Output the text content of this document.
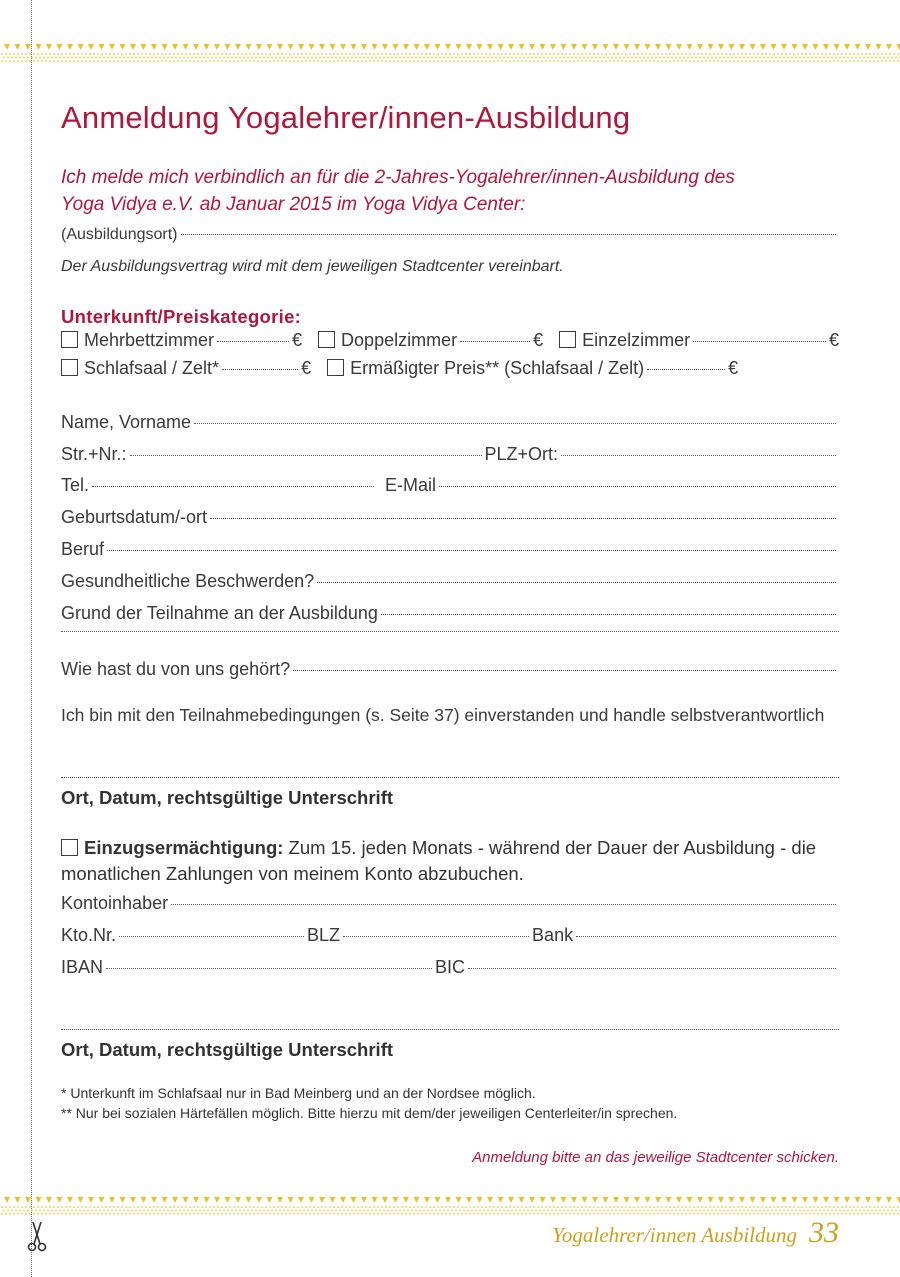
Anmeldung Yogalehrer/innen-Ausbildung

Ich melde mich verbindlich an für die 2-Jahres-Yogalehrer/innen-Ausbildung des
Yoga Vidya e.V. ab Januar 2015 im Yoga Vidya Center:

(Ausbildungsort)
Der Ausbildungsvertrag wird mit dem jeweiligen Stadtcenter vereinbart.
Unterkunft/Preiskategorie:
Mehrbettzimmer	€	Doppelzimmer	€	Einzelzimmer	€
Schlafsaal / Zelt*	€	Ermäßigter Preis** (Schlafsaal / Zelt)	€
Name, Vorname
Str.+Nr.:	PLZ+Ort:
Tel.	E-Mail
Geburtsdatum/-ort
Beruf
Gesundheitliche Beschwerden?
Grund der Teilnahme an der Ausbildung
Wie hast du von uns gehört?
Ich bin mit den Teilnahmebedingungen (s. Seite 37) einverstanden und handle selbstverantwortlich
Ort, Datum, rechtsgültige Unterschrift
Einzugsermächtigung: Zum 15. jeden Monats - während der Dauer der Ausbildung - die
monatlichen Zahlungen von meinem Konto abzubuchen.
Kontoinhaber
Kto.Nr.	BLZ	Bank
IBAN	BIC
Ort, Datum, rechtsgültige Unterschrift
* Unterkunft im Schlafsaal nur in Bad Meinberg und an der Nordsee möglich.
** Nur bei sozialen Härtefällen möglich. Bitte hierzu mit dem/der jeweiligen Centerleiter/in sprechen.
Anmeldung bitte an das jeweilige Stadtcenter schicken.
Yogalehrer/innen Ausbildung 33
